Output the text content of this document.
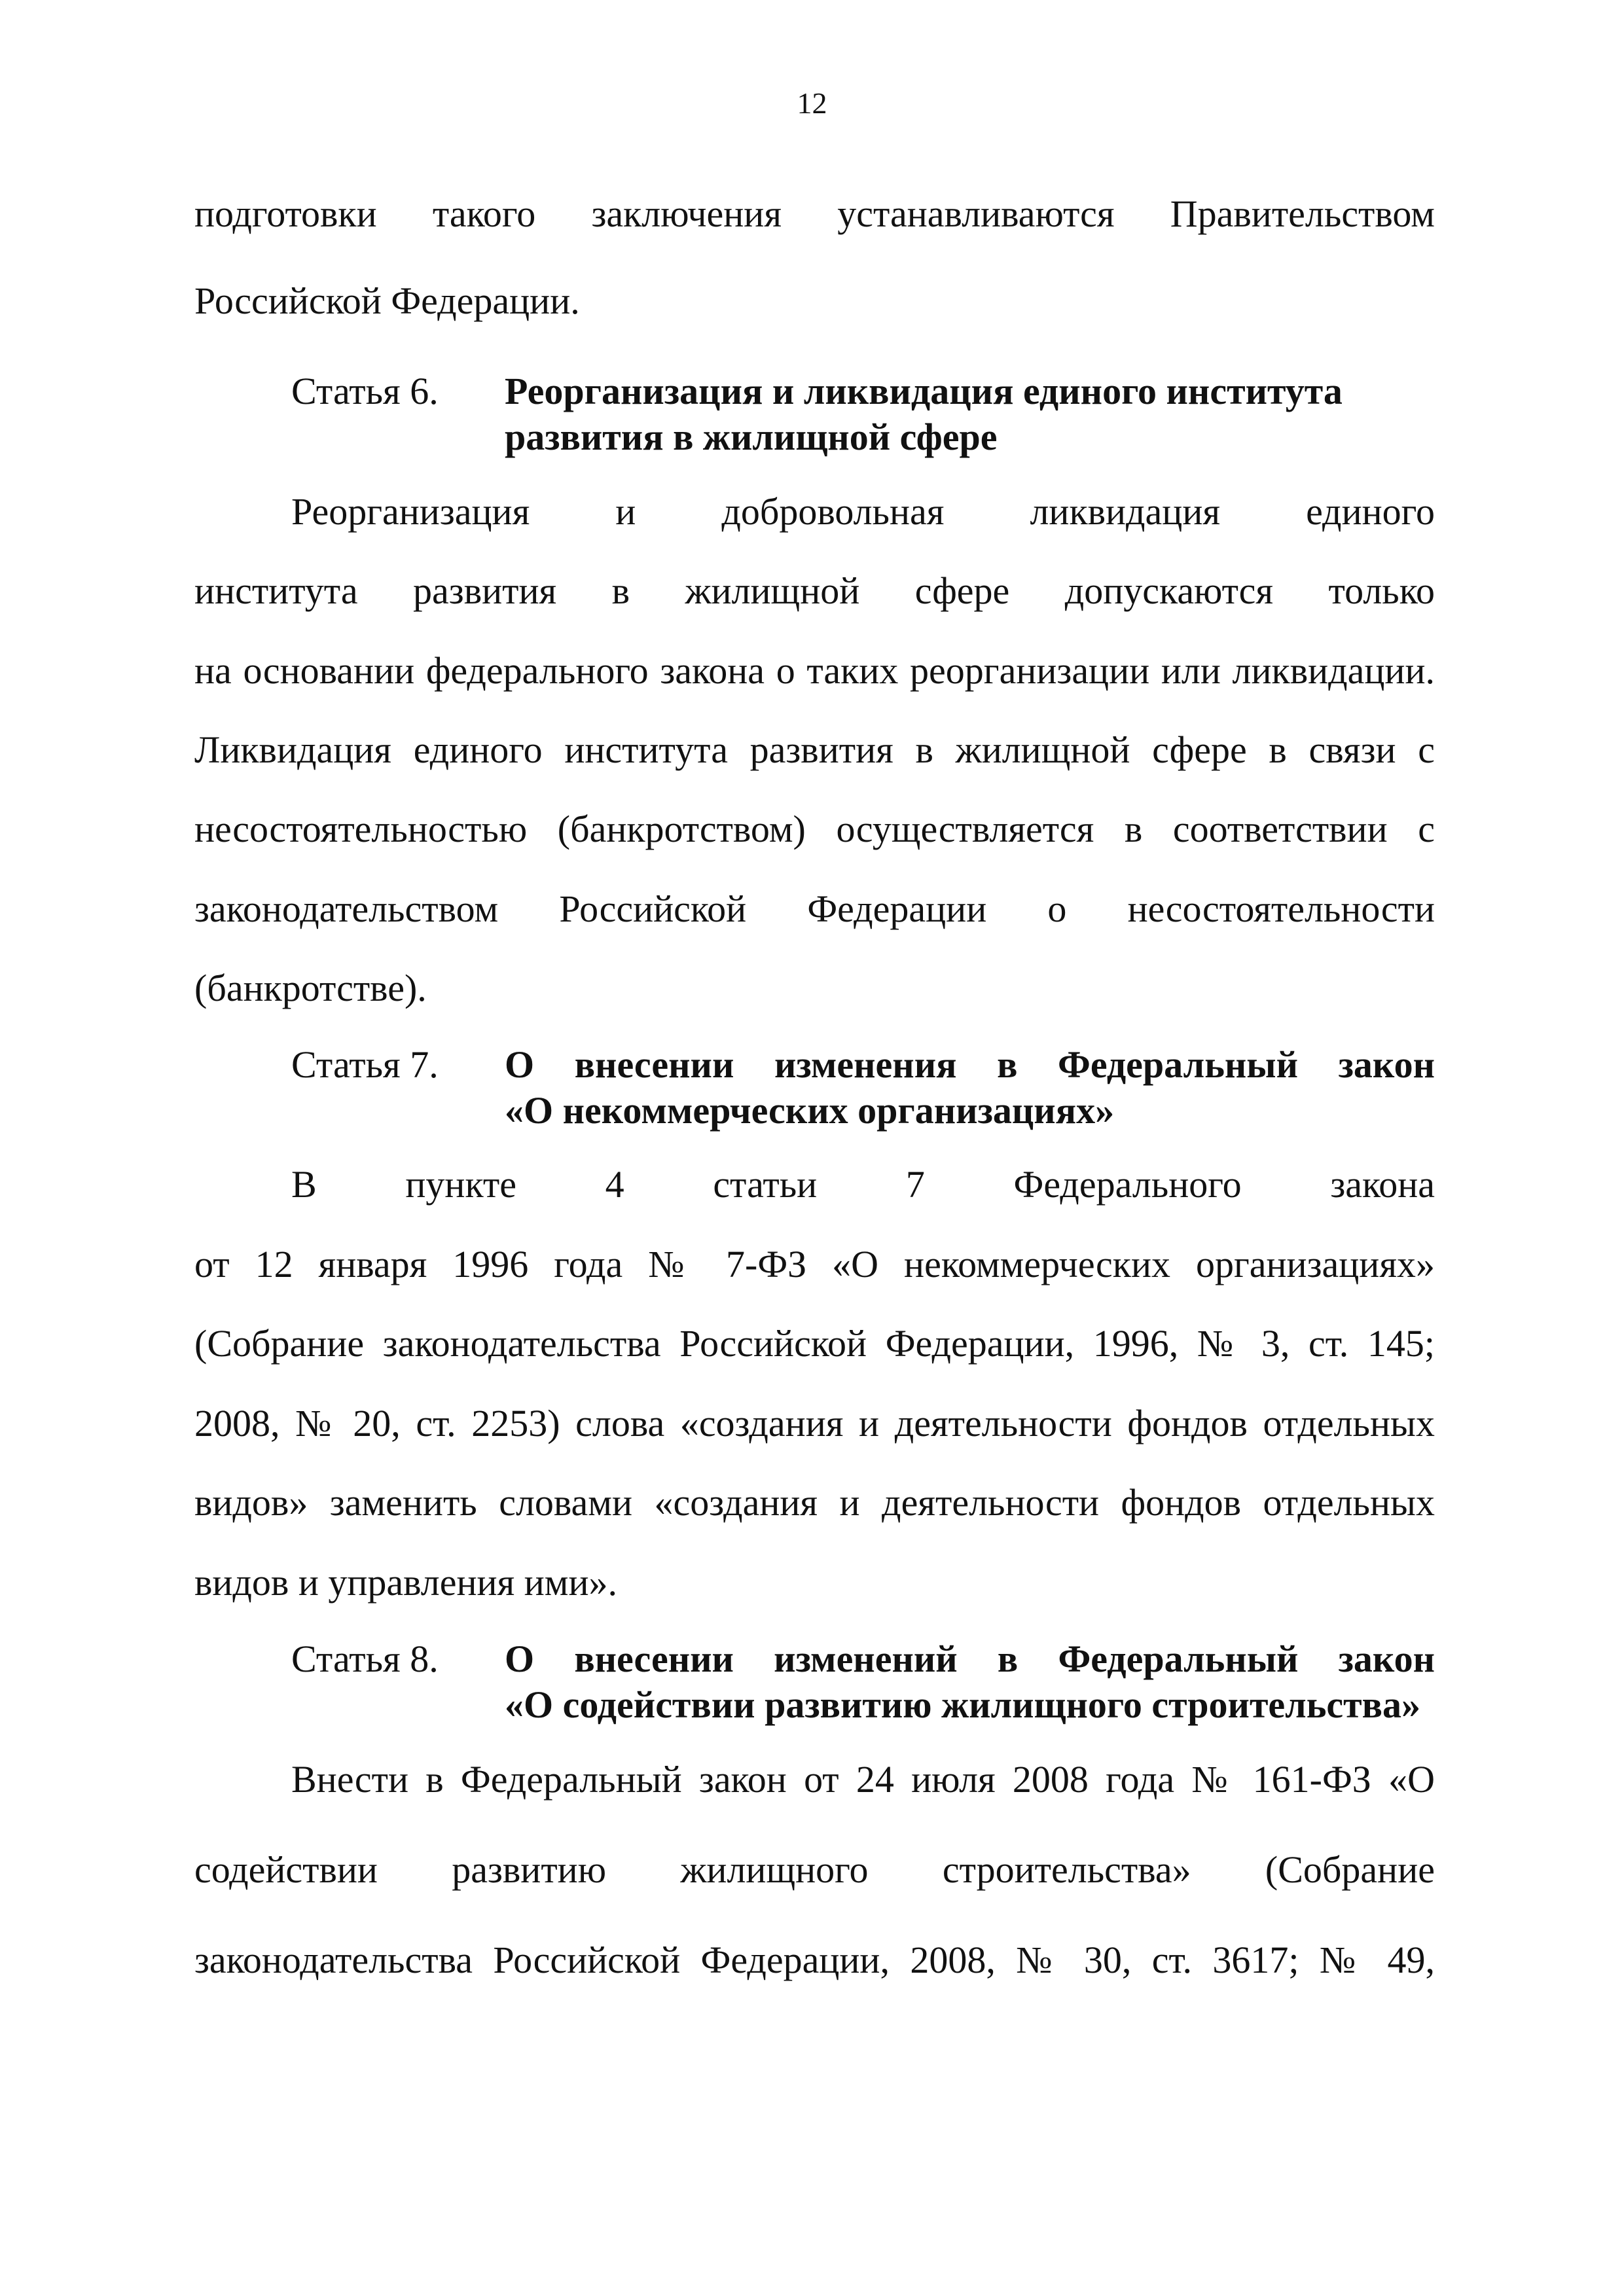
12
подготовки такого заключения устанавливаются Правительством
Российской Федерации.
Статья 6. Реорганизация и ликвидация единого института
развития в жилищной сфере
Реорганизация и добровольная ликвидация единого
института развития в жилищной сфере допускаются только
на основании федерального закона о таких реорганизации или ликвидации.
Ликвидация единого института развития в жилищной сфере в связи с
несостоятельностью (банкротством) осуществляется в соответствии с
законодательством Российской Федерации о несостоятельности
(банкротстве).
Статья 7. О внесении изменения в Федеральный закон
«О некоммерческих организациях»
В пункте 4 статьи 7 Федерального закона
от 12 января 1996 года № 7-ФЗ «О некоммерческих организациях»
(Собрание законодательства Российской Федерации, 1996, № 3, ст. 145;
2008, № 20, ст. 2253) слова «создания и деятельности фондов отдельных
видов» заменить словами «создания и деятельности фондов отдельных
видов и управления ими».
Статья 8. О внесении изменений в Федеральный закон
«О содействии развитию жилищного строительства»
Внести в Федеральный закон от 24 июля 2008 года № 161-ФЗ «О
содействии развитию жилищного строительства» (Собрание
законодательства Российской Федерации, 2008, № 30, ст. 3617; № 49,
